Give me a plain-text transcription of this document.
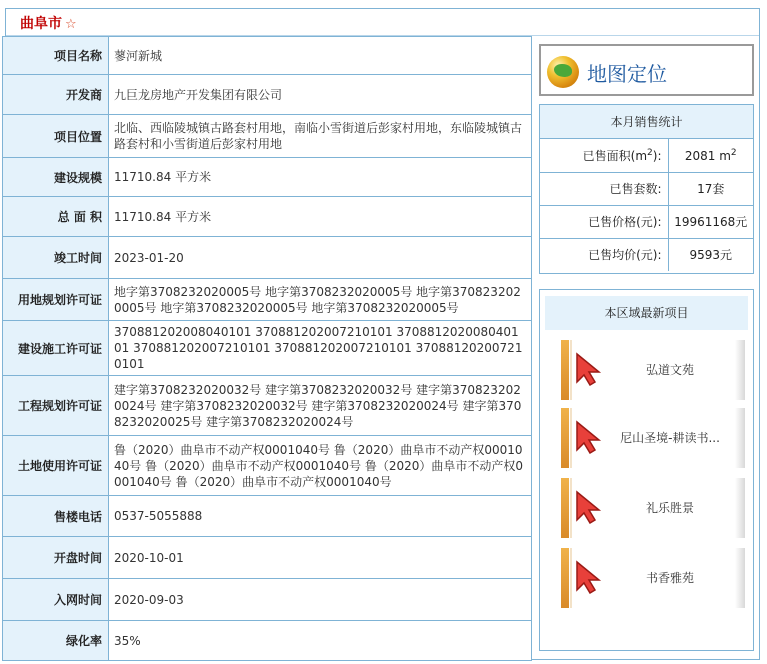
曲阜市 ☆
项目名称	蓼河新城
开发商	九巨龙房地产开发集团有限公司
项目位置	北临、西临陵城镇古路套村用地，南临小雪街道后彭家村用地，东临陵城镇古路套村和小雪街道后彭家村用地
建设规模	11710.84 平方米
总 面 积	11710.84 平方米
竣工时间	2023-01-20
用地规划许可证	地字第3708232020005号 地字第3708232020005号 地字第3708232020005号 地字第3708232020005号 地字第3708232020005号
建设施工许可证	370881202008040101 370881202007210101 370881202008040101 370881202007210101 370881202007210101 370881202007210101
工程规划许可证	建字第3708232020032号 建字第3708232020032号 建字第3708232020024号 建字第3708232020032号 建字第3708232020024号 建字第3708232020025号 建字第3708232020024号
土地使用许可证	鲁（2020）曲阜市不动产权0001040号 鲁（2020）曲阜市不动产权0001040号 鲁（2020）曲阜市不动产权0001040号 鲁（2020）曲阜市不动产权0001040号 鲁（2020）曲阜市不动产权0001040号
售楼电话	0537-5055888
开盘时间	2020-10-01
入网时间	2020-09-03
绿化率	35%
地图定位
本月销售统计
已售面积$(m^2)$:	2081 $m^2$
已售套数:	17套
已售价格(元):	19961168元
已售均价(元):	9593元
本区域最新项目
弘道文苑
尼山圣境-耕读书...
礼乐胜景
书香雅苑
